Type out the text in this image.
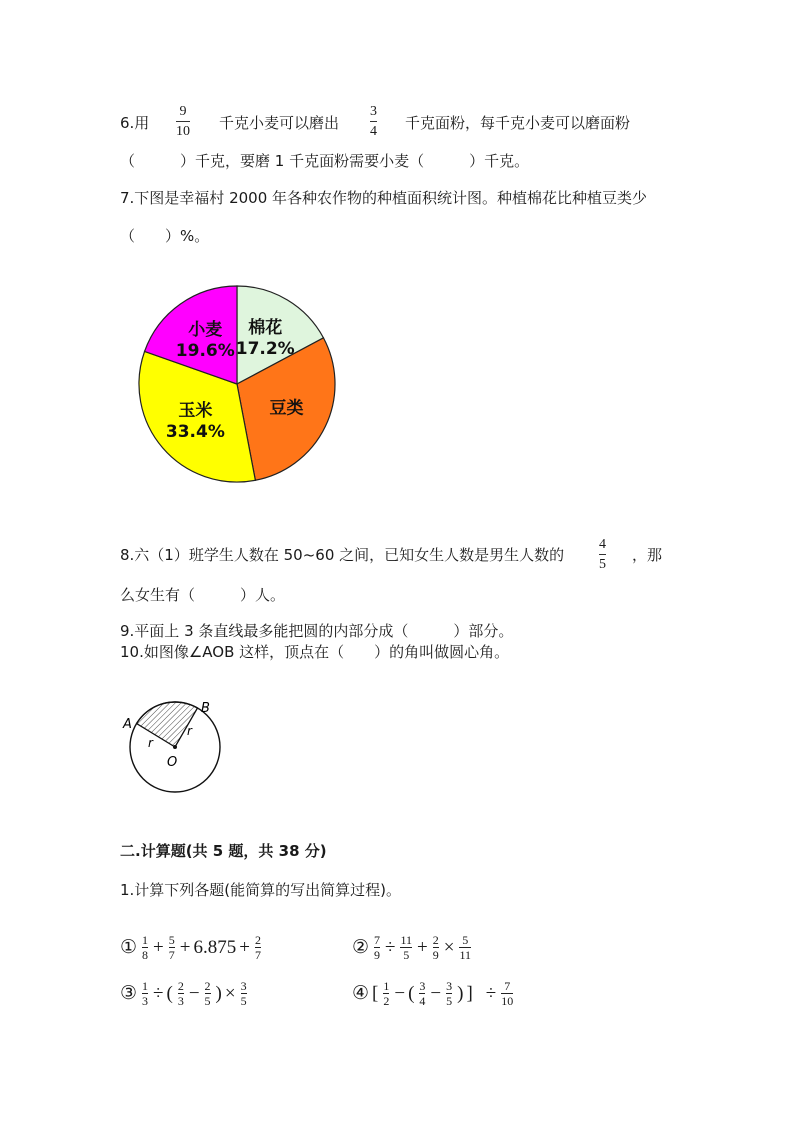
6.用
9
10 千克小麦可以磨出
3
4 千克面粉，每千克小麦可以磨面粉
（　　　）千克，要磨 1 千克面粉需要小麦（　　　）千克。
7.下图是幸福村 2000 年各种农作物的种植面积统计图。种植棉花比种植豆类少
（　　）%。
棉花
17.2%
豆类
玉米
33.4%
小麦
19.6%
8.六（1）班学生人数在 50~60 之间，已知女生人数是男生人数的
4
5
，那
么女生有（　　　）人。
9.平面上 3 条直线最多能把圆的内部分成（　　　）部分。
10.如图像∠AOB 这样，顶点在（　　）的角叫做圆心角。
A
B
O
r
r
二.计算题(共 5 题，共 38 分)
1.计算下列各题(能简算的写出简算过程)。
① 1
8 + 5
7 + 6.875 + 2
7	② 7
9 ÷ 11
5 + 2
9 × 5
11
③ 1
3 ÷ ( 2
3 − 2
5 ) × 3
5	④ [ 1
2 − ( 3
4 − 3
5 ) ] ÷ 7
10
